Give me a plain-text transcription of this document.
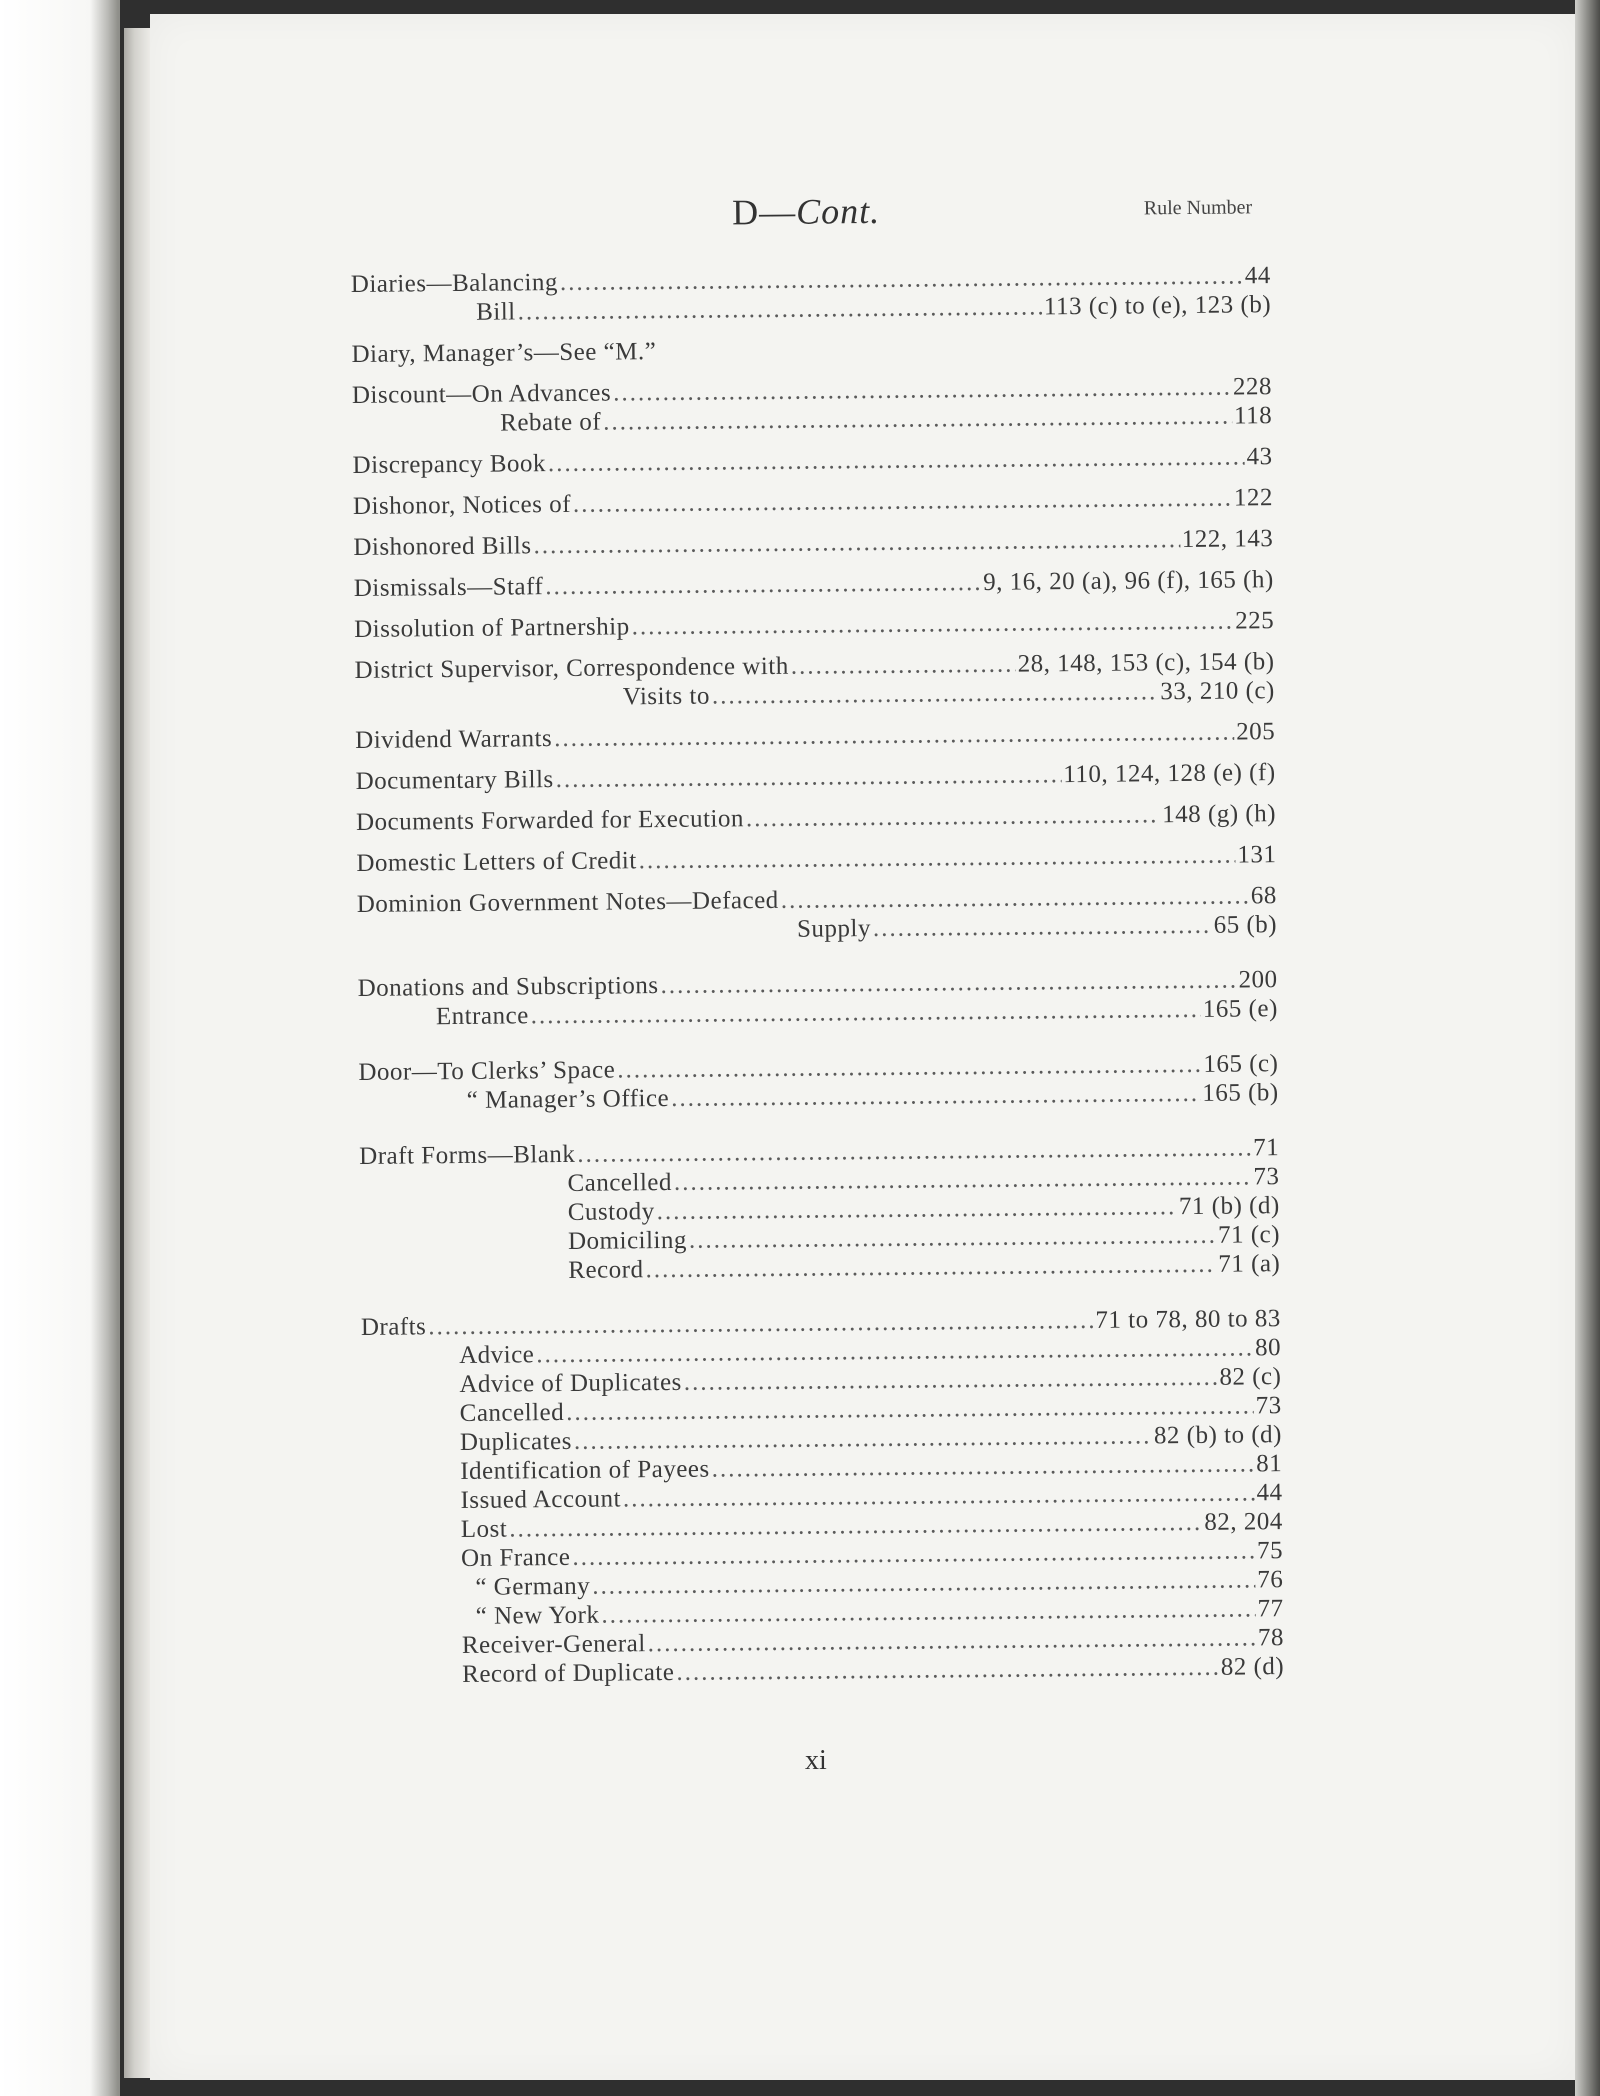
D—Cont.	Rule Number
Diaries—Balancing .....	44
Bill .....	113 (c) to (e), 123 (b)
Diary, Manager’s—See “M.”
Discount—On Advances .....	228
Rebate of .....	118
Discrepancy Book .....	43
Dishonor, Notices of .....	122
Dishonored Bills .....	122, 143
Dismissals—Staff .....	9, 16, 20 (a), 96 (f), 165 (h)
Dissolution of Partnership .....	225
District Supervisor, Correspondence with .....	28, 148, 153 (c), 154 (b)
Visits to .....	33, 210 (c)
Dividend Warrants .....	205
Documentary Bills .....	110, 124, 128 (e) (f)
Documents Forwarded for Execution .....	148 (g) (h)
Domestic Letters of Credit .....	131
Dominion Government Notes—Defaced .....	68
Supply .....	65 (b)
Donations and Subscriptions .....	200
Entrance .....	165 (e)
Door—To Clerks’ Space .....	165 (c)
“ Manager’s Office .....	165 (b)
Draft Forms—Blank .....	71
Cancelled .....	73
Custody .....	71 (b) (d)
Domiciling .....	71 (c)
Record .....	71 (a)
Drafts .....	71 to 78, 80 to 83
Advice .....	80
Advice of Duplicates .....	82 (c)
Cancelled .....	73
Duplicates .....	82 (b) to (d)
Identification of Payees .....	81
Issued Account .....	44
Lost .....	82, 204
On France .....	75
“ Germany .....	76
“ New York .....	77
Receiver-General .....	78
Record of Duplicate .....	82 (d)
xi
